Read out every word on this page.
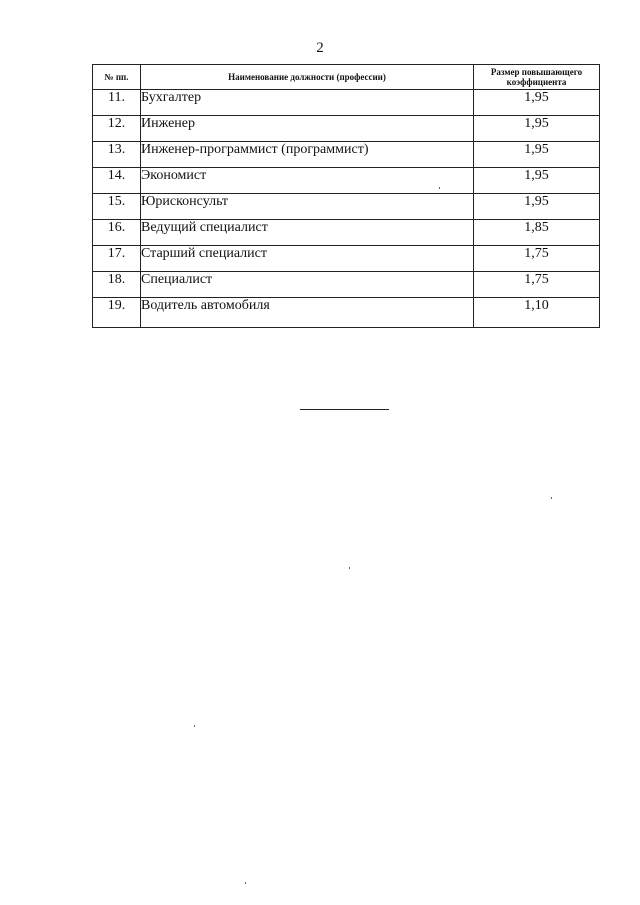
2
№ пп.	Наименование должности (профессии)	Размер повышающего коэффициента
11.	Бухгалтер	1,95
12.	Инженер	1,95
13.	Инженер-программист (программист)	1,95
14.	Экономист	1,95
15.	Юрисконсульт	1,95
16.	Ведущий специалист	1,85
17.	Старший специалист	1,75
18.	Специалист	1,75
19.	Водитель автомобиля	1,10
